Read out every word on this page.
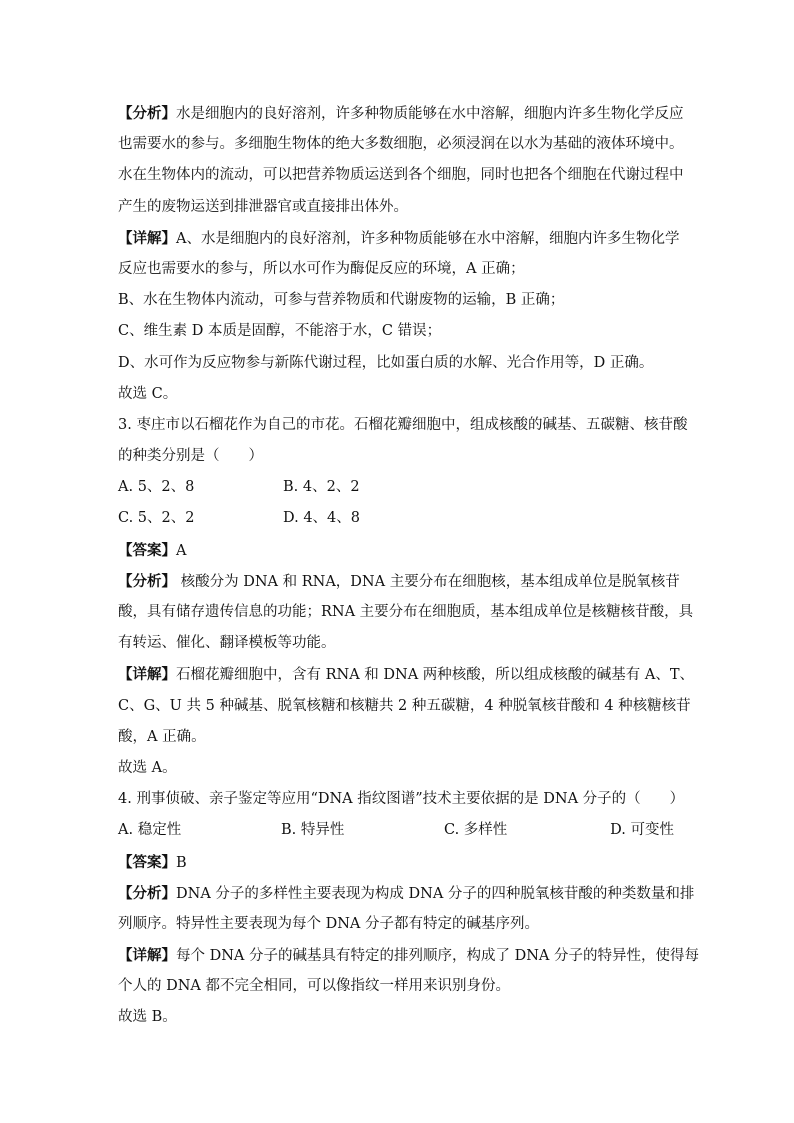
【分析】水是细胞内的良好溶剂，许多种物质能够在水中溶解，细胞内许多生物化学反应
也需要水的参与。多细胞生物体的绝大多数细胞，必须浸润在以水为基础的液体环境中。
水在生物体内的流动，可以把营养物质运送到各个细胞，同时也把各个细胞在代谢过程中
产生的废物运送到排泄器官或直接排出体外。
【详解】A、水是细胞内的良好溶剂，许多种物质能够在水中溶解，细胞内许多生物化学
反应也需要水的参与，所以水可作为酶促反应的环境，A 正确；
B、水在生物体内流动，可参与营养物质和代谢废物的运输，B 正确；
C、维生素 D 本质是固醇，不能溶于水，C 错误；
D、水可作为反应物参与新陈代谢过程，比如蛋白质的水解、光合作用等，D 正确。
故选 C。
3. 枣庄市以石榴花作为自己的市花。石榴花瓣细胞中，组成核酸的碱基、五碳糖、核苷酸
的种类分别是（　　）
A. 5、2、8	B. 4、2、2
C. 5、2、2	D. 4、4、8
【答案】A
【分析】 核酸分为 DNA 和 RNA，DNA 主要分布在细胞核，基本组成单位是脱氧核苷
酸，具有储存遗传信息的功能；RNA 主要分布在细胞质，基本组成单位是核糖核苷酸，具
有转运、催化、翻译模板等功能。
【详解】石榴花瓣细胞中，含有 RNA 和 DNA 两种核酸，所以组成核酸的碱基有 A、T、
C、G、U 共 5 种碱基、脱氧核糖和核糖共 2 种五碳糖，4 种脱氧核苷酸和 4 种核糖核苷
酸，A 正确。
故选 A。
4. 刑事侦破、亲子鉴定等应用“DNA 指纹图谱”技术主要依据的是 DNA 分子的（　　）
A. 稳定性	B. 特异性	C. 多样性	D. 可变性
【答案】B
【分析】DNA 分子的多样性主要表现为构成 DNA 分子的四种脱氧核苷酸的种类数量和排
列顺序。特异性主要表现为每个 DNA 分子都有特定的碱基序列。
【详解】每个 DNA 分子的碱基具有特定的排列顺序，构成了 DNA 分子的特异性，使得每
个人的 DNA 都不完全相同，可以像指纹一样用来识别身份。
故选 B。
